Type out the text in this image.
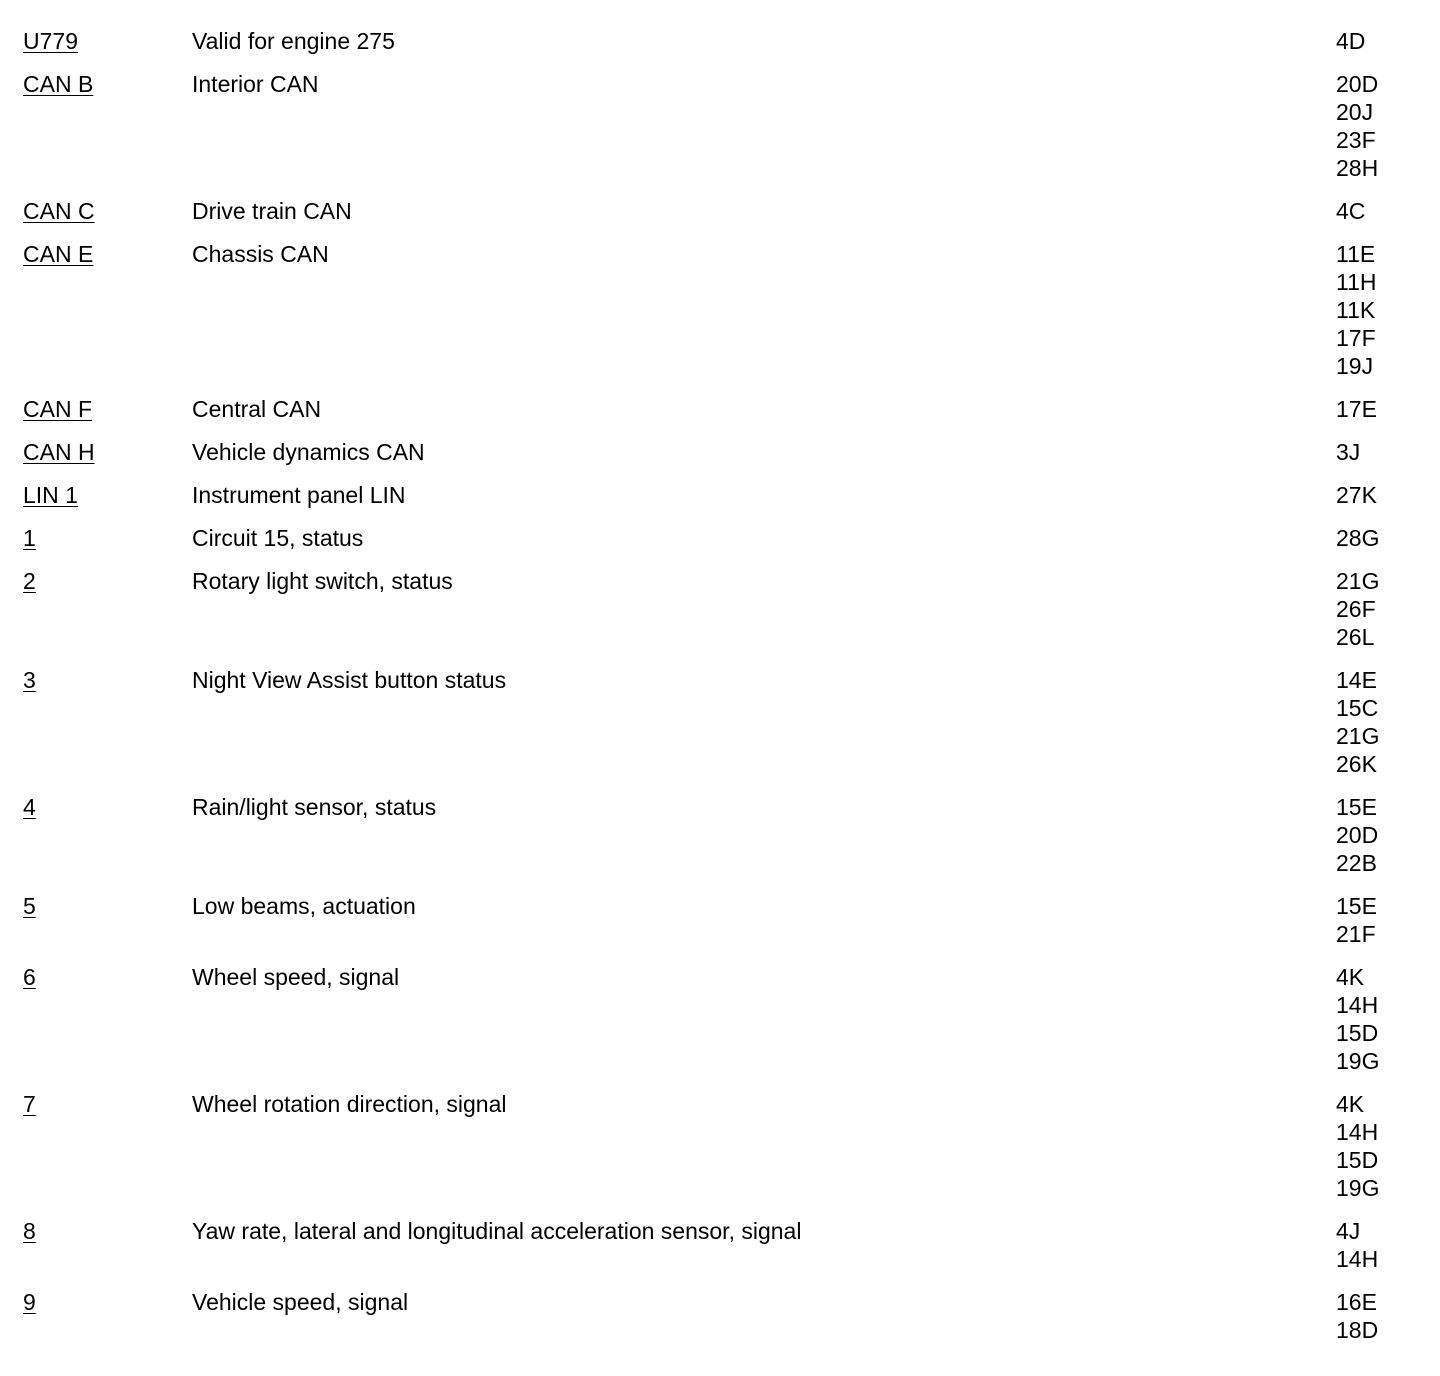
U779	Valid for engine 275	4D
CAN B	Interior CAN	20D
20J
23F
28H
CAN C	Drive train CAN	4C
CAN E	Chassis CAN	11E
11H
11K
17F
19J
CAN F	Central CAN	17E
CAN H	Vehicle dynamics CAN	3J
LIN 1	Instrument panel LIN	27K
1	Circuit 15, status	28G
2	Rotary light switch, status	21G
26F
26L
3	Night View Assist button status	14E
15C
21G
26K
4	Rain/light sensor, status	15E
20D
22B
5	Low beams, actuation	15E
21F
6	Wheel speed, signal	4K
14H
15D
19G
7	Wheel rotation direction, signal	4K
14H
15D
19G
8	Yaw rate, lateral and longitudinal acceleration sensor, signal	4J
14H
9	Vehicle speed, signal	16E
18D
